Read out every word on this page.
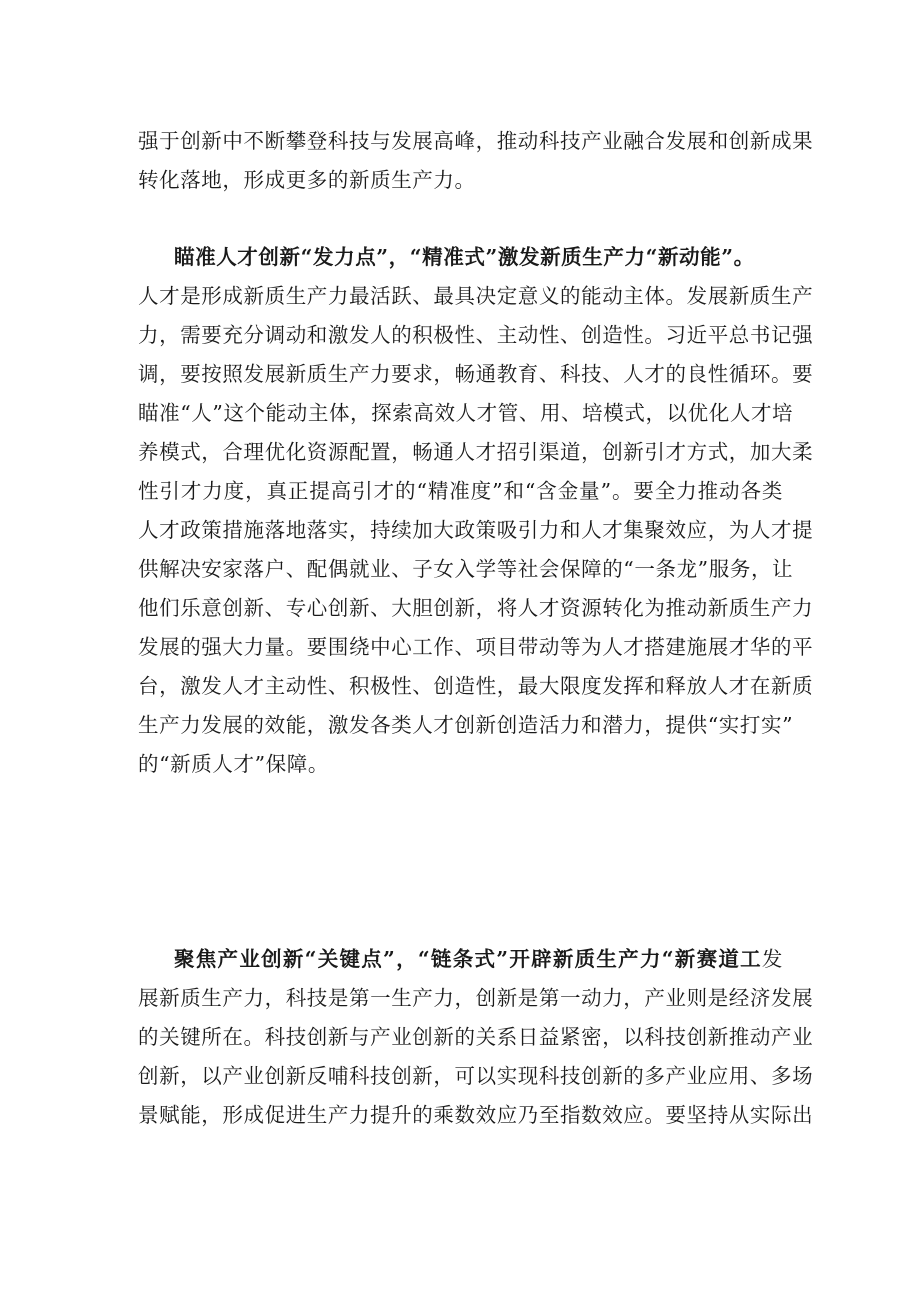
强于创新中不断攀登科技与发展高峰，推动科技产业融合发展和创新成果
转化落地，形成更多的新质生产力。
瞄准人才创新“发力点”，“精准式”激发新质生产力“新动能”。
人才是形成新质生产力最活跃、最具决定意义的能动主体。发展新质生产
力，需要充分调动和激发人的积极性、主动性、创造性。习近平总书记强
调，要按照发展新质生产力要求，畅通教育、科技、人才的良性循环。要
瞄准“人”这个能动主体，探索高效人才管、用、培模式，以优化人才培
养模式，合理优化资源配置，畅通人才招引渠道，创新引才方式，加大柔
性引才力度，真正提高引才的“精准度”和“含金量”。要全力推动各类
人才政策措施落地落实，持续加大政策吸引力和人才集聚效应，为人才提
供解决安家落户、配偶就业、子女入学等社会保障的“一条龙”服务，让
他们乐意创新、专心创新、大胆创新，将人才资源转化为推动新质生产力
发展的强大力量。要围绕中心工作、项目带动等为人才搭建施展才华的平
台，激发人才主动性、积极性、创造性，最大限度发挥和释放人才在新质
生产力发展的效能，激发各类人才创新创造活力和潜力，提供“实打实”
的“新质人才”保障。
聚焦产业创新“关键点”，“链条式”开辟新质生产力“新赛道工发
展新质生产力，科技是第一生产力，创新是第一动力，产业则是经济发展
的关键所在。科技创新与产业创新的关系日益紧密，以科技创新推动产业
创新，以产业创新反哺科技创新，可以实现科技创新的多产业应用、多场
景赋能，形成促进生产力提升的乘数效应乃至指数效应。要坚持从实际出
